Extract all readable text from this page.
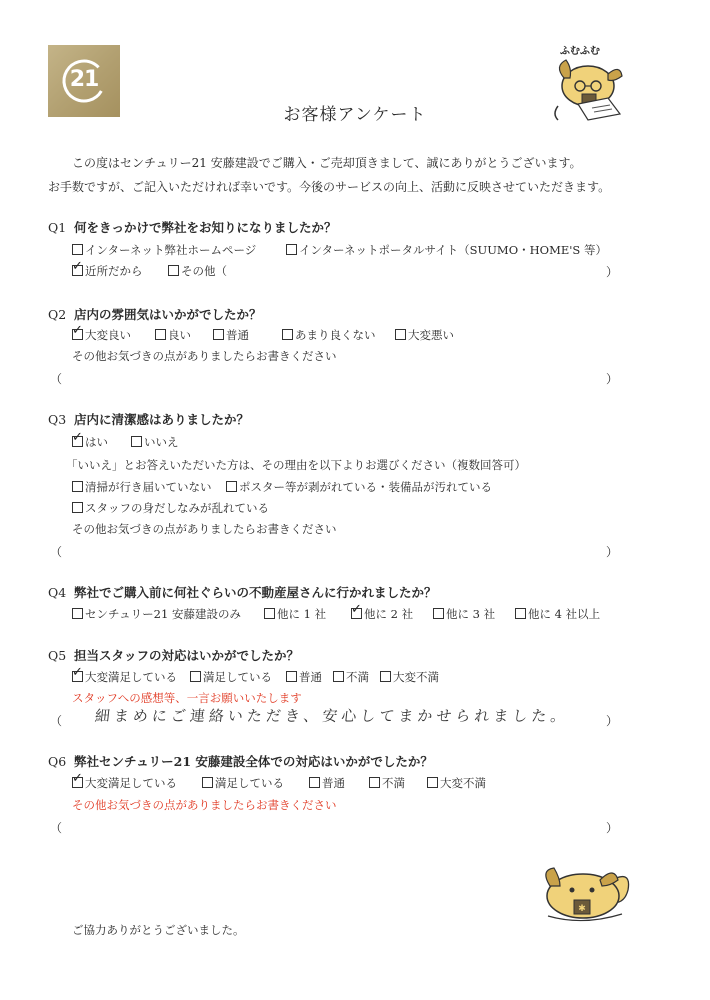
21
ふむふむ
お客様アンケート
この度はセンチュリー21 安藤建設でご購入・ご売却頂きまして、誠にありがとうございます。
お手数ですが、ご記入いただければ幸いです。今後のサービスの向上、活動に反映させていただきます。
Q1 何をきっかけで弊社をお知りになりましたか？
インターネット弊社ホームページ	インターネットポータルサイト（SUUMO・HOME'S 等）
✓ 近所だから	その他（	）
Q2 店内の雰囲気はいかがでしたか？
✓ 大変良い	良い	普通	あまり良くない	大変悪い
その他お気づきの点がありましたらお書きください
（	）
Q3 店内に清潔感はありましたか？
✓ はい	いいえ
「いいえ」とお答えいただいた方は、その理由を以下よりお選びください（複数回答可）
清掃が行き届いていない	ポスター等が剥がれている・装備品が汚れている
スタッフの身だしなみが乱れている
その他お気づきの点がありましたらお書きください
（	）
Q4 弊社でご購入前に何社ぐらいの不動産屋さんに行かれましたか？
センチュリー21 安藤建設のみ	他に 1 社 ✓ 他に 2 社	他に 3 社	他に 4 社以上
Q5 担当スタッフの対応はいかがでしたか？
✓ 大変満足している	満足している	普通	不満	大変不満
スタッフへの感想等、一言お願いいたします
（ 細まめにご連絡いただき、安心してまかせられました。	）
Q6 弊社センチュリー21 安藤建設全体での対応はいかがでしたか？
✓ 大変満足している	満足している	普通	不満	大変不満
その他お気づきの点がありましたらお書きください
（	）
✱
ご協力ありがとうございました。
